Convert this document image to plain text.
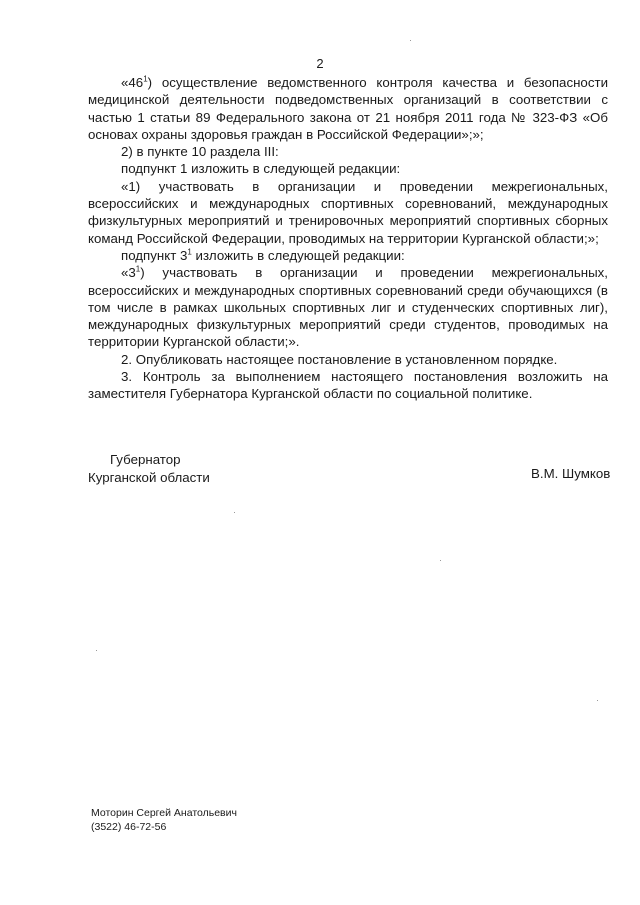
2

«$46^1$) осуществление ведомственного контроля качества и безопасности медицинской деятельности подведомственных организаций в соответствии с частью 1 статьи 89 Федерального закона от 21 ноября 2011 года № 323-ФЗ «Об основах охраны здоровья граждан в Российской Федерации»;»;

2) в пункте 10 раздела III:

подпункт 1 изложить в следующей редакции:

«1) участвовать в организации и проведении межрегиональных, всероссийских и международных спортивных соревнований, международных физкультурных мероприятий и тренировочных мероприятий спортивных сборных команд Российской Федерации, проводимых на территории Курганской области;»;

подпункт $3^1$ изложить в следующей редакции:

«$3^1$) участвовать в организации и проведении межрегиональных, всероссийских и международных спортивных соревнований среди обучающихся (в том числе в рамках школьных спортивных лиг и студенческих спортивных лиг), международных физкультурных мероприятий среди студентов, проводимых на территории Курганской области;».

2. Опубликовать настоящее постановление в установленном порядке.

3. Контроль за выполнением настоящего постановления возложить на заместителя Губернатора Курганской области по социальной политике.

Губернатор
Курганской области	В.М. Шумков
Моторин Сергей Анатольевич
(3522) 46-72-56
